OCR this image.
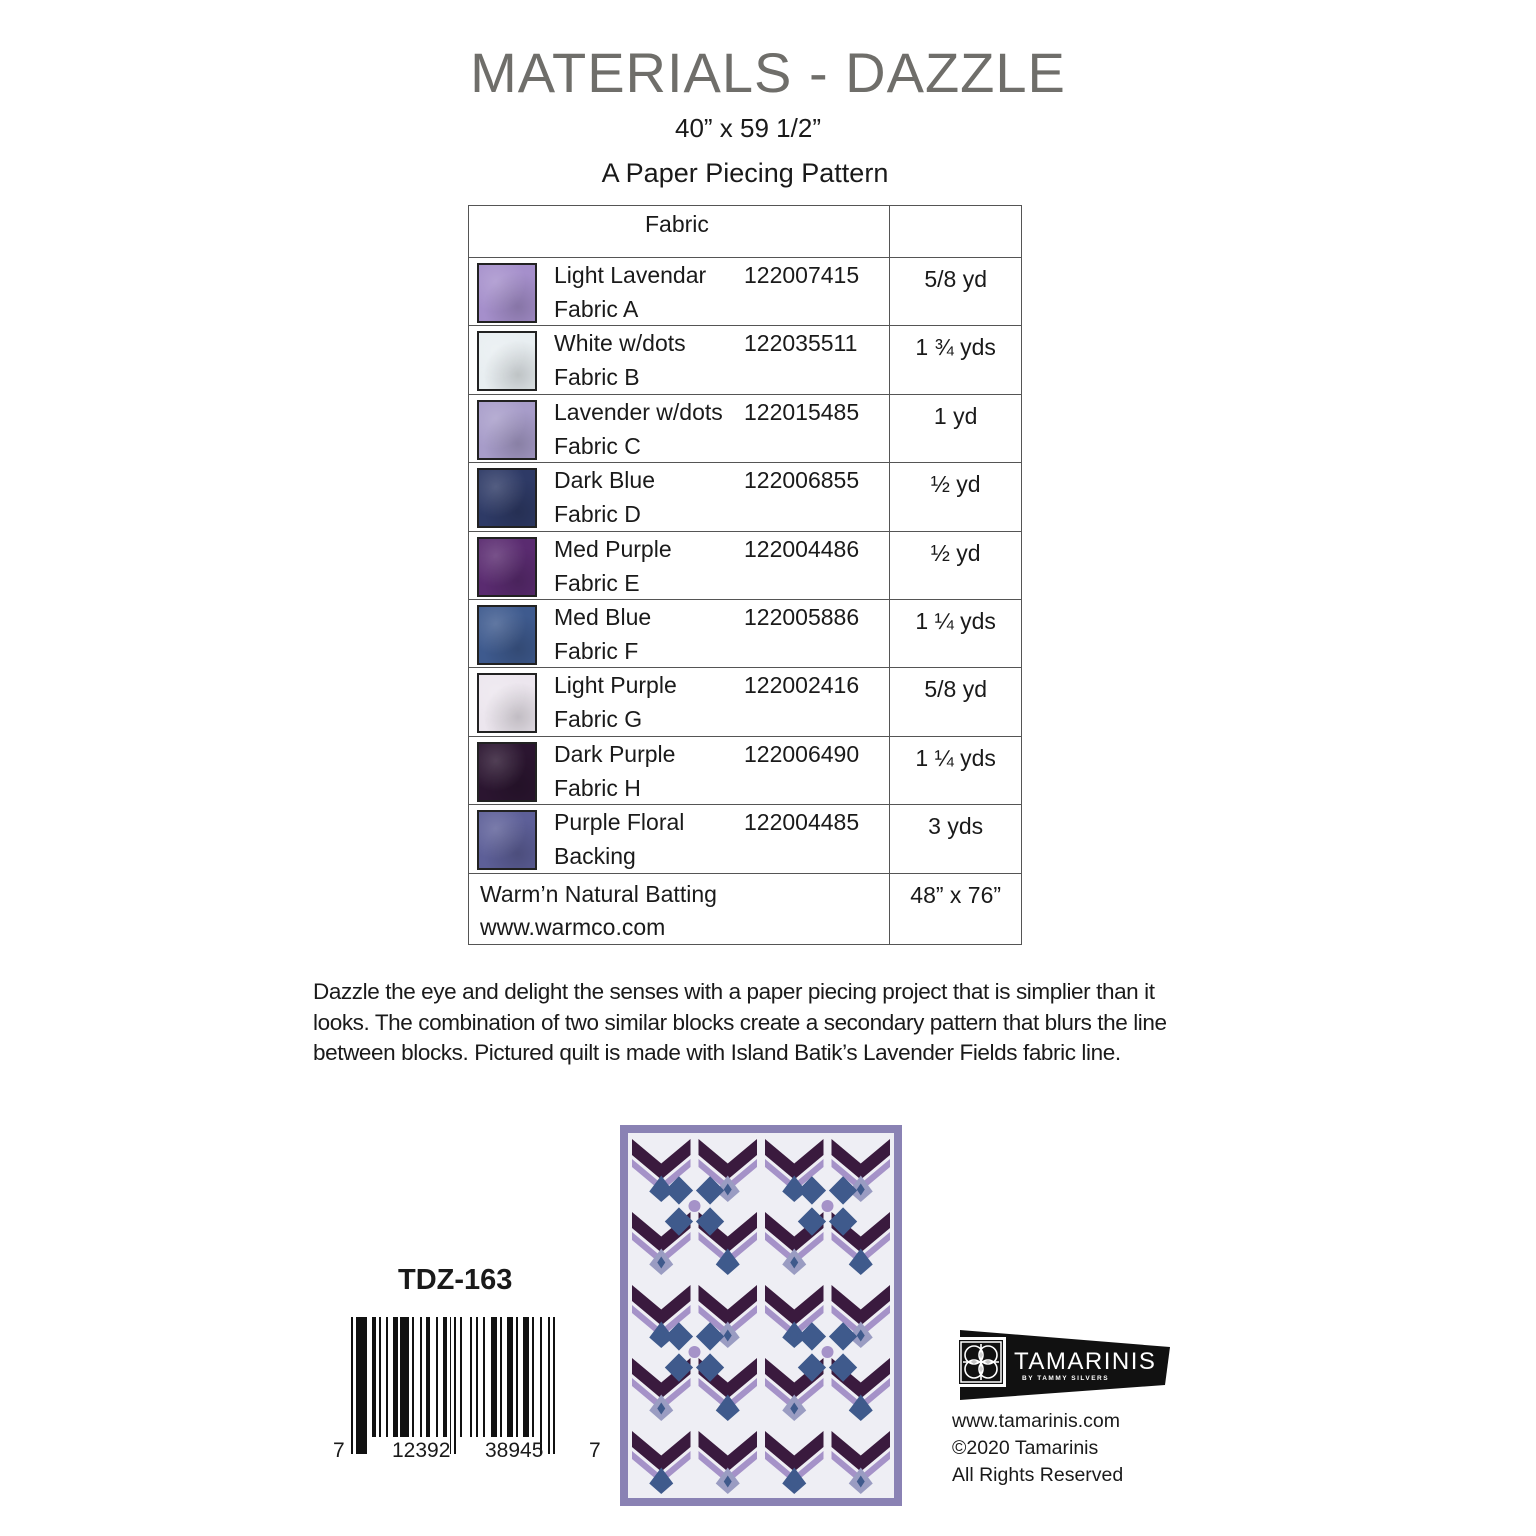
MATERIALS - DAZZLE
40” x 59 1/2”
A Paper Piecing Pattern
Fabric	

Light Lavendar 122007415
Fabric A	5/8 yd

White w/dots 122035511
Fabric B	1 ¾ yds

Lavender w/dots 122015485
Fabric C	1 yd

Dark Blue 122006855
Fabric D	½ yd

Med Purple 122004486
Fabric E	½ yd

Med Blue 122005886
Fabric F	1 ¼ yds

Light Purple 122002416
Fabric G	5/8 yd

Dark Purple 122006490
Fabric H	1 ¼ yds

Purple Floral 122004485
Backing	3 yds

Warm’n Natural Batting
www.warmco.com	48” x 76”

Dazzle the eye and delight the senses with a paper piecing project that is simplier than it looks. The combination of two similar blocks create a secondary pattern that blurs the line between blocks. Pictured quilt is made with Island Batik’s Lavender Fields fabric line.

TDZ-163
7 12392 38945 7
TAMARINIS
BY TAMMY SILVERS
www.tamarinis.com
©2020 Tamarinis
All Rights Reserved
